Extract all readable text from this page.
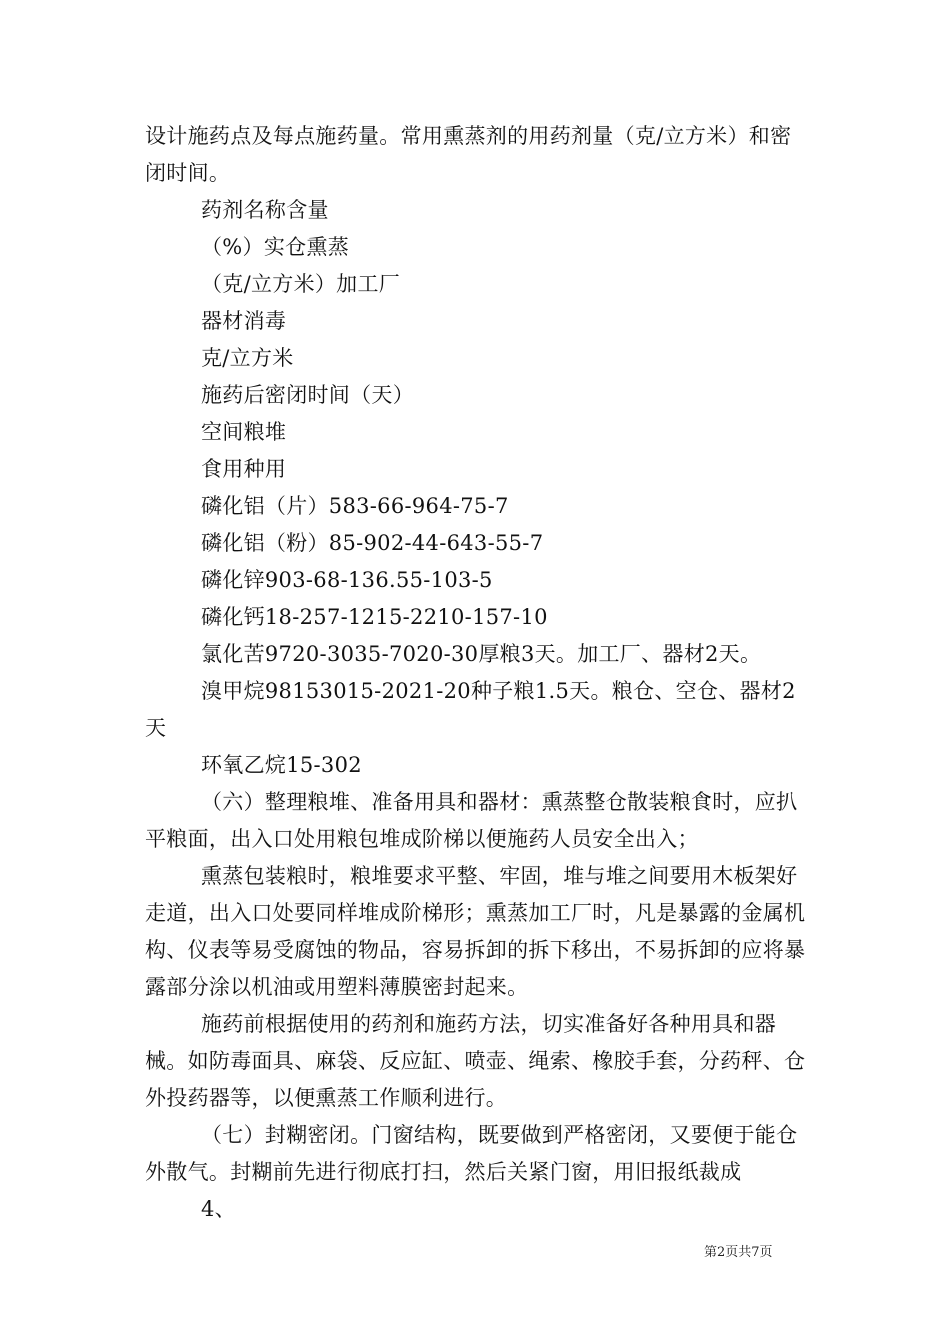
设计施药点及每点施药量。常用熏蒸剂的用药剂量（克/立方米）和密闭时间。

药剂名称含量

（%）实仓熏蒸

（克/立方米）加工厂

器材消毒

克/立方米

施药后密闭时间（天）

空间粮堆

食用种用

磷化铝（片）583-66-964-75-7

磷化铝（粉）85-902-44-643-55-7

磷化锌903-68-136.55-103-5

磷化钙18-257-1215-2210-157-10

氯化苦9720-3035-7020-30厚粮3天。加工厂、器材2天。

溴甲烷98153015-2021-20种子粮1.5天。粮仓、空仓、器材2天

环氧乙烷15-302

（六）整理粮堆、准备用具和器材：熏蒸整仓散装粮食时，应扒平粮面，出入口处用粮包堆成阶梯以便施药人员安全出入；

熏蒸包装粮时，粮堆要求平整、牢固，堆与堆之间要用木板架好走道，出入口处要同样堆成阶梯形；熏蒸加工厂时，凡是暴露的金属机构、仪表等易受腐蚀的物品，容易拆卸的拆下移出，不易拆卸的应将暴露部分涂以机油或用塑料薄膜密封起来。

施药前根据使用的药剂和施药方法，切实准备好各种用具和器械。如防毒面具、麻袋、反应缸、喷壶、绳索、橡胶手套，分药秤、仓外投药器等，以便熏蒸工作顺利进行。

（七）封糊密闭。门窗结构，既要做到严格密闭，又要便于能仓外散气。封糊前先进行彻底打扫，然后关紧门窗，用旧报纸裁成

4、

第2页共7页
